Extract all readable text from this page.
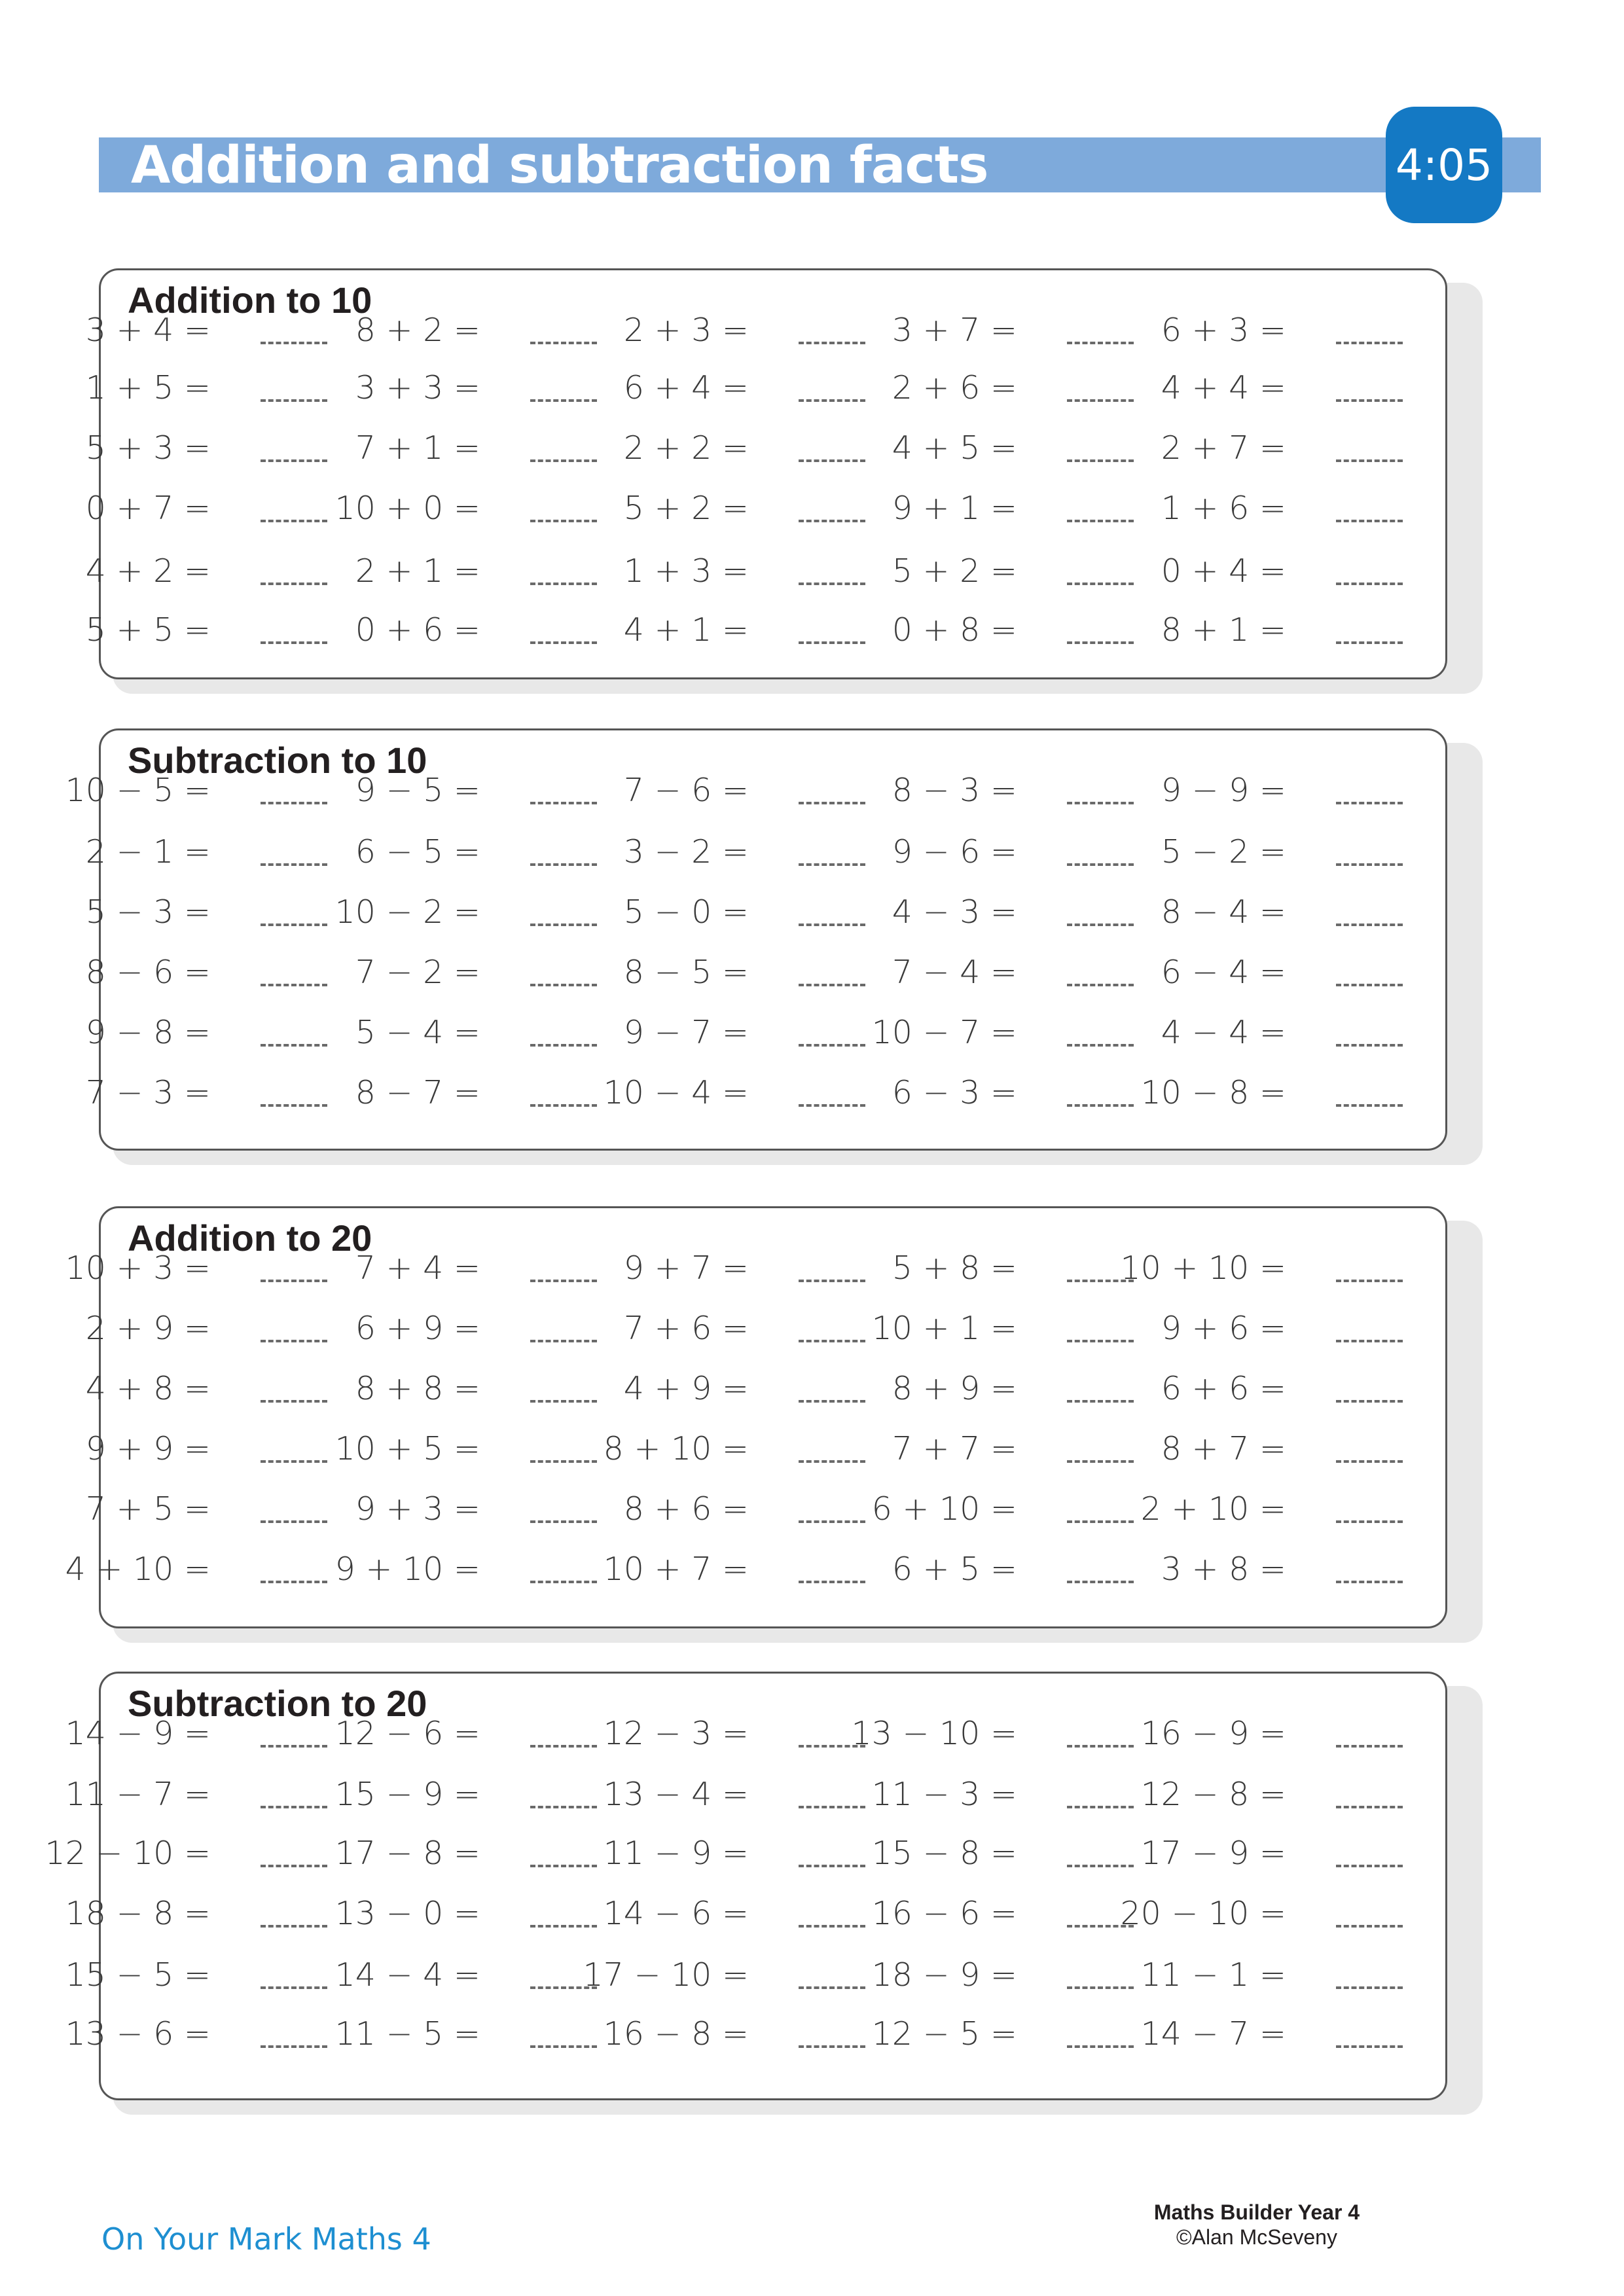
Addition and subtraction facts	4:05
Addition to 10
3 + 4 =	8 + 2 =	2 + 3 =	3 + 7 =	6 + 3 =
1 + 5 =	3 + 3 =	6 + 4 =	2 + 6 =	4 + 4 =
5 + 3 =	7 + 1 =	2 + 2 =	4 + 5 =	2 + 7 =
0 + 7 =	10 + 0 =	5 + 2 =	9 + 1 =	1 + 6 =
4 + 2 =	2 + 1 =	1 + 3 =	5 + 2 =	0 + 4 =
5 + 5 =	0 + 6 =	4 + 1 =	0 + 8 =	8 + 1 =
Subtraction to 10
10 − 5 =	9 − 5 =	7 − 6 =	8 − 3 =	9 − 9 =
2 − 1 =	6 − 5 =	3 − 2 =	9 − 6 =	5 − 2 =
5 − 3 =	10 − 2 =	5 − 0 =	4 − 3 =	8 − 4 =
8 − 6 =	7 − 2 =	8 − 5 =	7 − 4 =	6 − 4 =
9 − 8 =	5 − 4 =	9 − 7 =	10 − 7 =	4 − 4 =
7 − 3 =	8 − 7 =	10 − 4 =	6 − 3 =	10 − 8 =
Addition to 20
10 + 3 =	7 + 4 =	9 + 7 =	5 + 8 =	10 + 10 =
2 + 9 =	6 + 9 =	7 + 6 =	10 + 1 =	9 + 6 =
4 + 8 =	8 + 8 =	4 + 9 =	8 + 9 =	6 + 6 =
9 + 9 =	10 + 5 =	8 + 10 =	7 + 7 =	8 + 7 =
7 + 5 =	9 + 3 =	8 + 6 =	6 + 10 =	2 + 10 =
4 + 10 =	9 + 10 =	10 + 7 =	6 + 5 =	3 + 8 =
Subtraction to 20
14 − 9 =	12 − 6 =	12 − 3 =	13 − 10 =	16 − 9 =
11 − 7 =	15 − 9 =	13 − 4 =	11 − 3 =	12 − 8 =
12 − 10 =	17 − 8 =	11 − 9 =	15 − 8 =	17 − 9 =
18 − 8 =	13 − 0 =	14 − 6 =	16 − 6 =	20 − 10 =
15 − 5 =	14 − 4 =	17 − 10 =	18 − 9 =	11 − 1 =
13 − 6 =	11 − 5 =	16 − 8 =	12 − 5 =	14 − 7 =
On Your Mark Maths 4
Maths Builder Year 4
©Alan McSeveny
